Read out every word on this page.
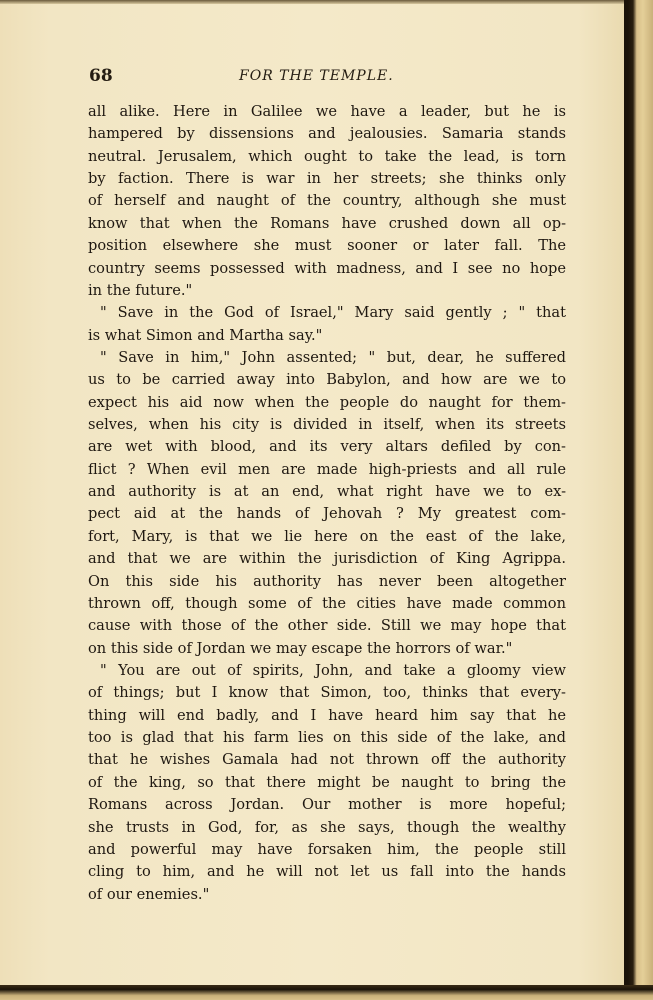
68	FOR THE TEMPLE.
all alike. Here in Galilee we have a leader, but he is
hampered by dissensions and jealousies. Samaria stands
neutral. Jerusalem, which ought to take the lead, is torn
by faction. There is war in her streets; she thinks only
of herself and naught of the country, although she must
know that when the Romans have crushed down all op-
position elsewhere she must sooner or later fall. The
country seems possessed with madness, and I see no hope
in the future."
" Save in the God of Israel," Mary said gently ; " that
is what Simon and Martha say."
" Save in him," John assented; " but, dear, he suffered
us to be carried away into Babylon, and how are we to
expect his aid now when the people do naught for them-
selves, when his city is divided in itself, when its streets
are wet with blood, and its very altars defiled by con-
flict ? When evil men are made high-priests and all rule
and authority is at an end, what right have we to ex-
pect aid at the hands of Jehovah ? My greatest com-
fort, Mary, is that we lie here on the east of the lake,
and that we are within the jurisdiction of King Agrippa.
On this side his authority has never been altogether
thrown off, though some of the cities have made common
cause with those of the other side. Still we may hope that
on this side of Jordan we may escape the horrors of war."
" You are out of spirits, John, and take a gloomy view
of things; but I know that Simon, too, thinks that every-
thing will end badly, and I have heard him say that he
too is glad that his farm lies on this side of the lake, and
that he wishes Gamala had not thrown off the authority
of the king, so that there might be naught to bring the
Romans across Jordan. Our mother is more hopeful;
she trusts in God, for, as she says, though the wealthy
and powerful may have forsaken him, the people still
cling to him, and he will not let us fall into the hands
of our enemies."
